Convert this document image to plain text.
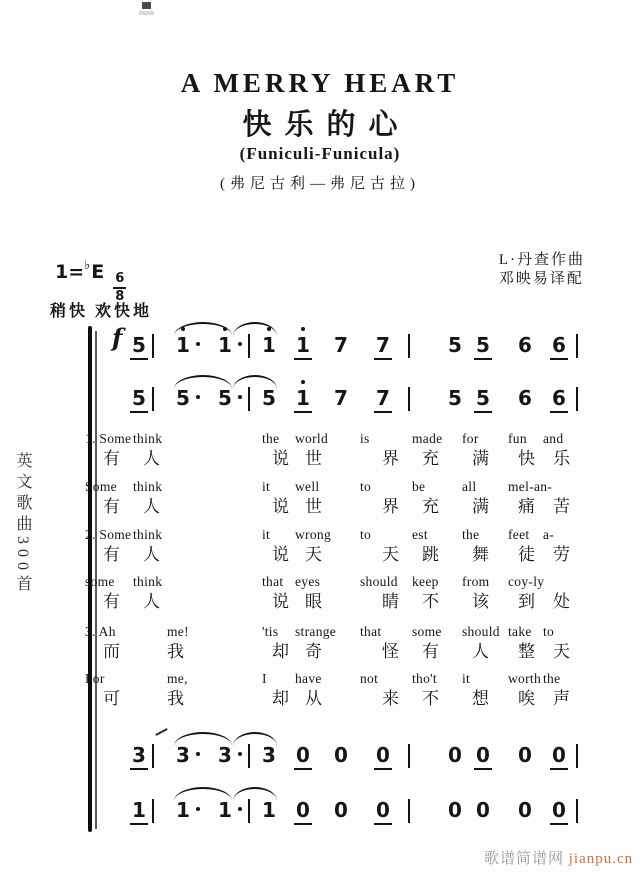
A MERRY HEART
快乐的心
(Funiculi-Funicula)
(弗尼古利—弗尼古拉)
$1=^♭E \frac{6}{8}$
稍快 欢快地
L·丹查作曲
邓映易译配
英文歌曲300首
f 5 1 1 1 1 7 7	5 5 6 6
5 5 5 5 1 7 7	5 5 6 6
1. Some think	the	world	is	made	for	fun	and
有	人	说 世	界	充	满	快	乐
Some	think	it	well	to	be	all	mel-an-
有	人	说 世	界	充	满	痛	苦
2. Some think	it	wrong	to	est	the	feet	a-
有	人	说 天	天	跳	舞	徒	劳
some	think	that eyes	should	keep	from	coy-ly
有	人	说 眼	睛	不	该	到	处
3. Ah	me!	'tis	strange	that	some	should take to
而	我	却 奇	怪	有	人	整	天
For	me,	I	have	not	tho't	it	worth the
可	我	却 从	来	不	想	唉	声
3 3 3 3 0 0 0	0 0 0 0
1 1 1 1 0 0 0	0 0 0 0
歌谱简谱网 jianpu.cn
